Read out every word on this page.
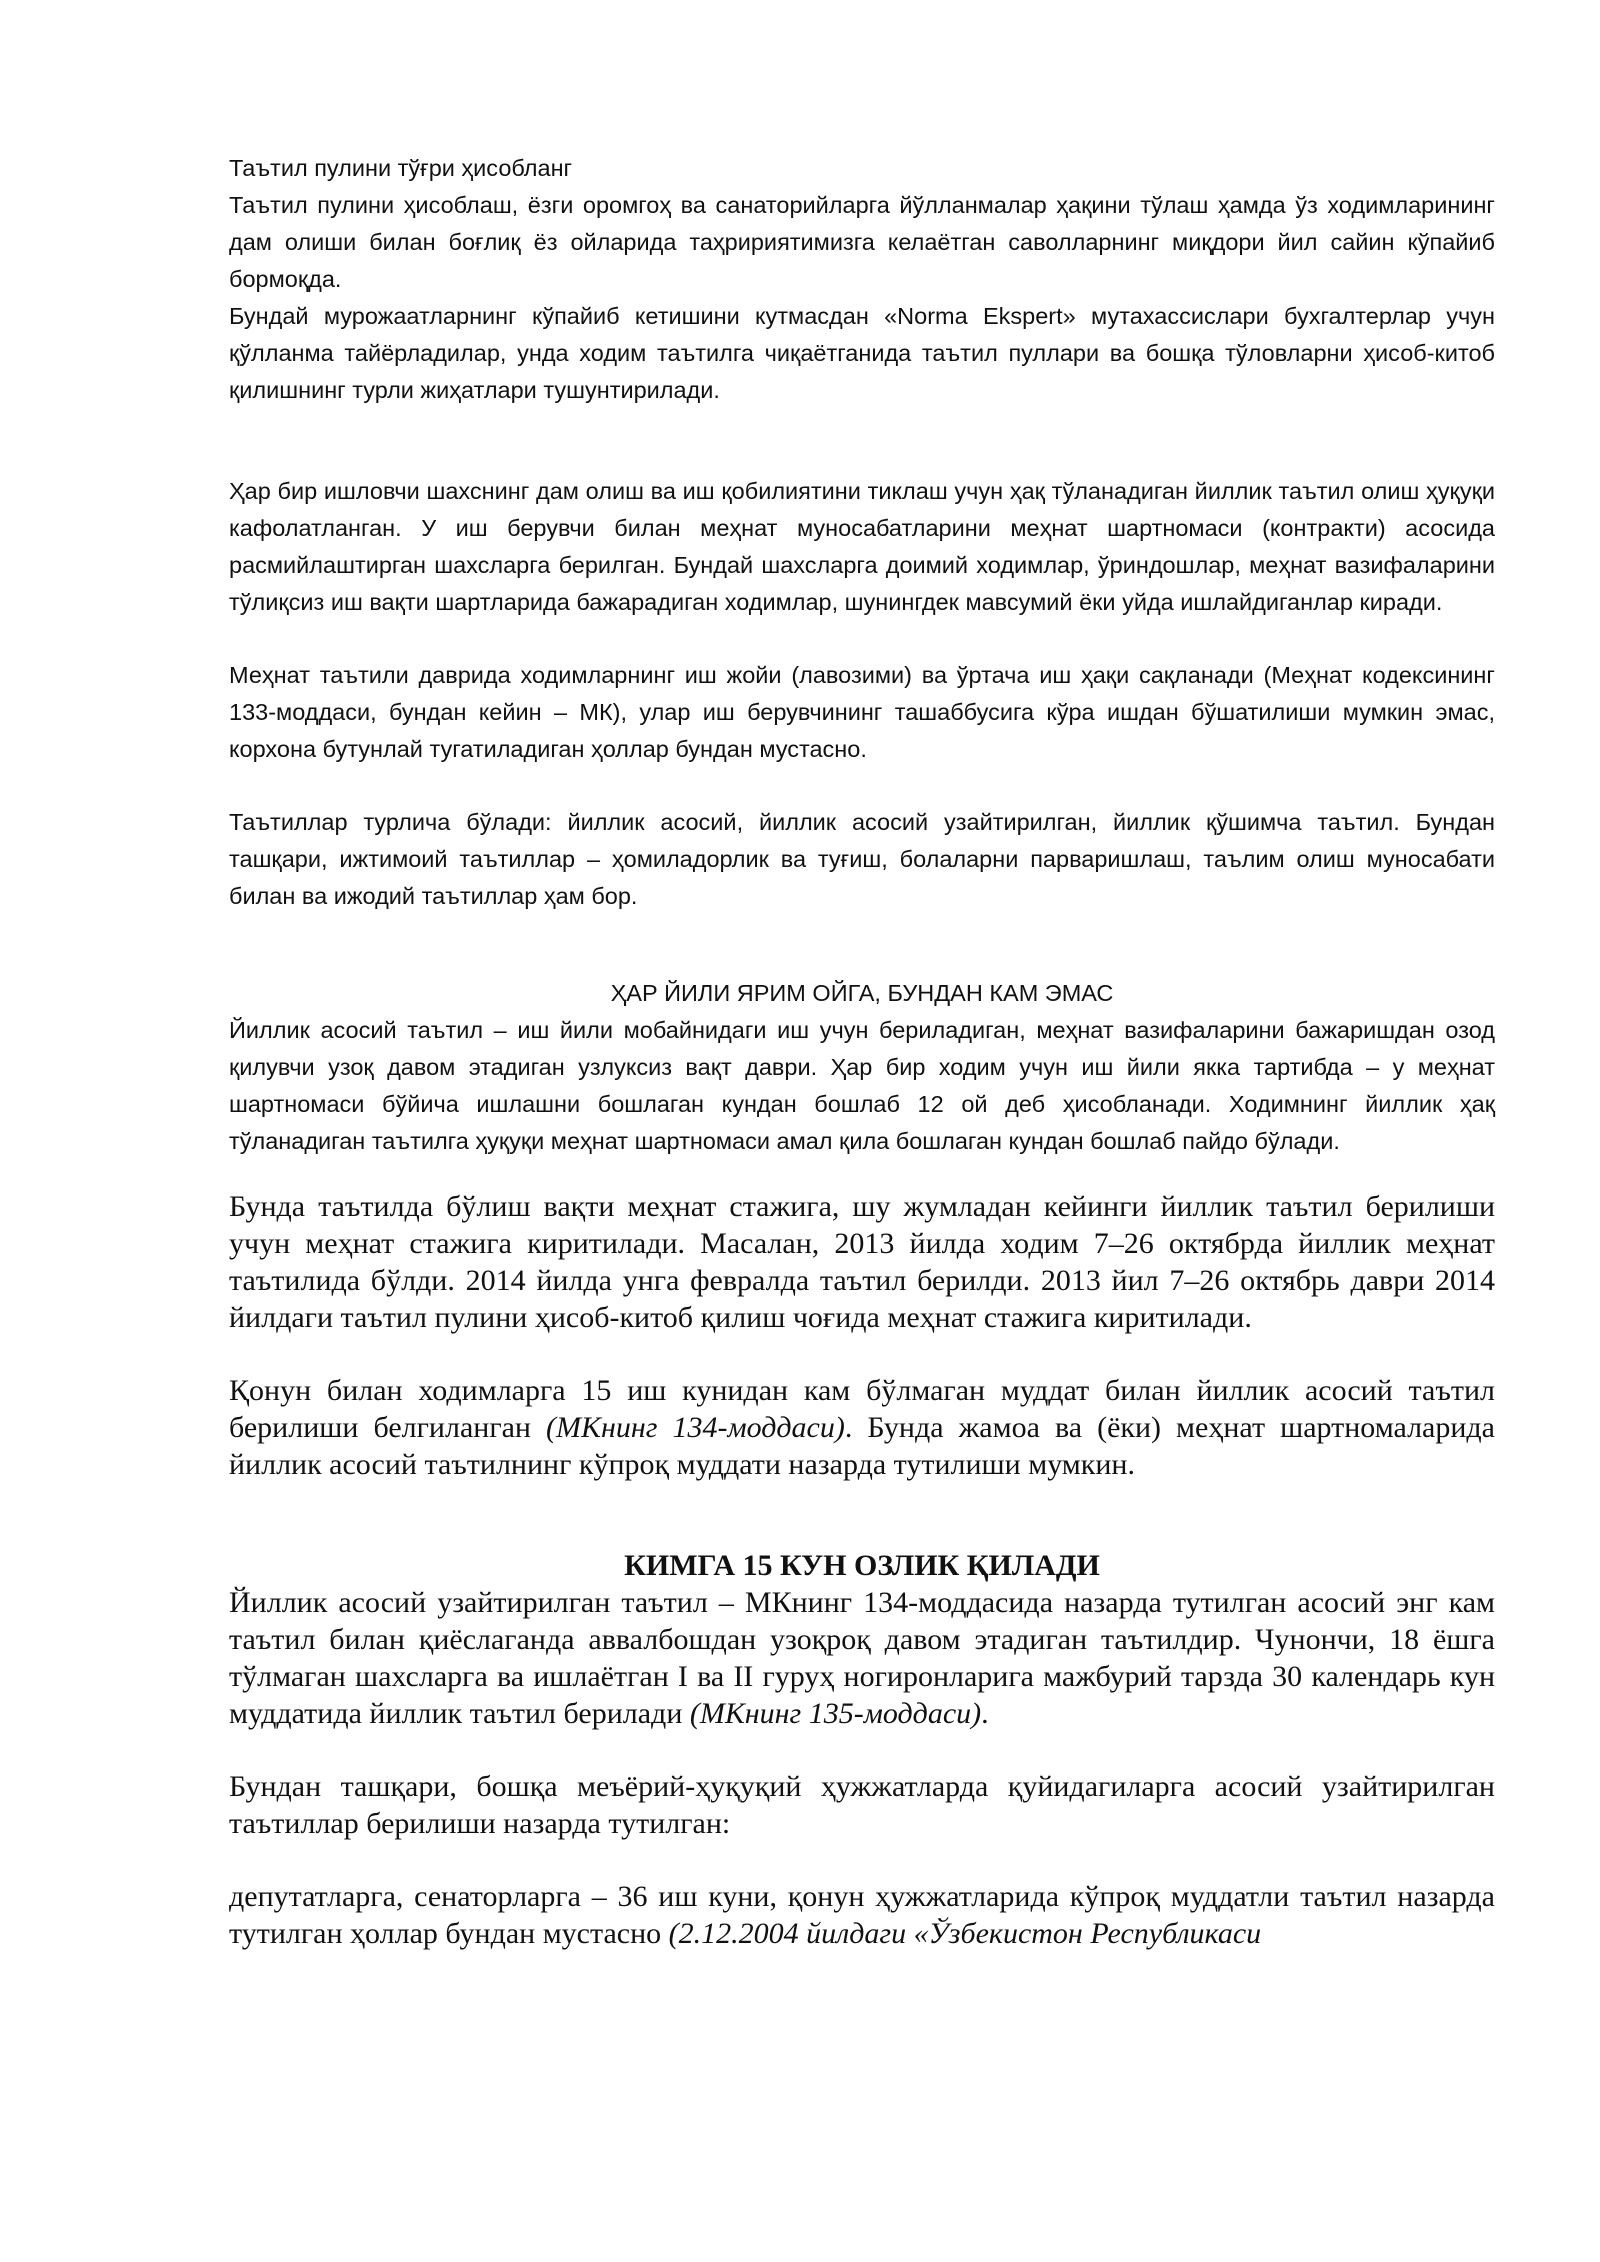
Таътил пулини тўғри ҳисобланг

Таътил пулини ҳисоблаш, ёзги оромгоҳ ва санаторийларга йўлланмалар ҳақини тўлаш ҳамда ўз ходимларининг дам олиши билан боғлиқ ёз ойларида таҳририятимизга келаётган саволларнинг миқдори йил сайин кўпайиб бормоқда.

Бундай мурожаатларнинг кўпайиб кетишини кутмасдан «Norma Ekspert» мутахассислари бухгалтерлар учун қўлланма тайёрладилар, унда ходим таътилга чиқаётганида таътил пуллари ва бошқа тўловларни ҳисоб-китоб қилишнинг турли жиҳатлари тушунтирилади.

Ҳар бир ишловчи шахснинг дам олиш ва иш қобилиятини тиклаш учун ҳақ тўланадиган йиллик таътил олиш ҳуқуқи кафолатланган. У иш берувчи билан меҳнат муносабатларини меҳнат шартномаси (контракти) асосида расмийлаштирган шахсларга берилган. Бундай шахсларга доимий ходимлар, ўриндошлар, меҳнат вазифаларини тўлиқсиз иш вақти шартларида бажарадиган ходимлар, шунингдек мавсумий ёки уйда ишлайдиганлар киради.

Меҳнат таътили даврида ходимларнинг иш жойи (лавозими) ва ўртача иш ҳақи сақланади (Меҳнат кодексининг 133-моддаси, бундан кейин – МК), улар иш берувчининг ташаббусига кўра ишдан бўшатилиши мумкин эмас, корхона бутунлай тугатиладиган ҳоллар бундан мустасно.

Таътиллар турлича бўлади: йиллик асосий, йиллик асосий узайтирилган, йиллик қўшимча таътил. Бундан ташқари, ижтимоий таътиллар – ҳомиладорлик ва туғиш, болаларни парваришлаш, таълим олиш муносабати билан ва ижодий таътиллар ҳам бор.

ҲАР ЙИЛИ ЯРИМ ОЙГА, БУНДАН КАМ ЭМАС

Йиллик асосий таътил – иш йили мобайнидаги иш учун бериладиган, меҳнат вазифаларини бажаришдан озод қилувчи узоқ давом этадиган узлуксиз вақт даври. Ҳар бир ходим учун иш йили якка тартибда – у меҳнат шартномаси бўйича ишлашни бошлаган кундан бошлаб 12 ой деб ҳисобланади. Ходимнинг йиллик ҳақ тўланадиган таътилга ҳуқуқи меҳнат шартномаси амал қила бошлаган кундан бошлаб пайдо бўлади.

Бунда таътилда бўлиш вақти меҳнат стажига, шу жумладан кейинги йиллик таътил берилиши учун меҳнат стажига киритилади. Масалан, 2013 йилда ходим 7–26 октябрда йиллик меҳнат таътилида бўлди. 2014 йилда унга февралда таътил берилди. 2013 йил 7–26 октябрь даври 2014 йилдаги таътил пулини ҳисоб-китоб қилиш чоғида меҳнат стажига киритилади.

Қонун билан ходимларга 15 иш кунидан кам бўлмаган муддат билан йиллик асосий таътил берилиши белгиланган (МКнинг 134-моддаси). Бунда жамоа ва (ёки) меҳнат шартномаларида йиллик асосий таътилнинг кўпроқ муддати назарда тутилиши мумкин.

КИМГА 15 КУН ОЗЛИК ҚИЛАДИ

Йиллик асосий узайтирилган таътил – МКнинг 134-моддасида назарда тутилган асосий энг кам таътил билан қиёслаганда аввалбошдан узоқроқ давом этадиган таътилдир. Чунончи, 18 ёшга тўлмаган шахсларга ва ишлаётган I ва II гуруҳ ногиронларига мажбурий тарзда 30 календарь кун муддатида йиллик таътил берилади (МКнинг 135-моддаси).

Бундан ташқари, бошқа меъёрий-ҳуқуқий ҳужжатларда қуйидагиларга асосий узайтирилган таътиллар берилиши назарда тутилган:

депутатларга, сенаторларга – 36 иш куни, қонун ҳужжатларида кўпроқ муддатли таътил назарда тутилган ҳоллар бундан мустасно (2.12.2004 йилдаги «Ўзбекистон Республикаси
